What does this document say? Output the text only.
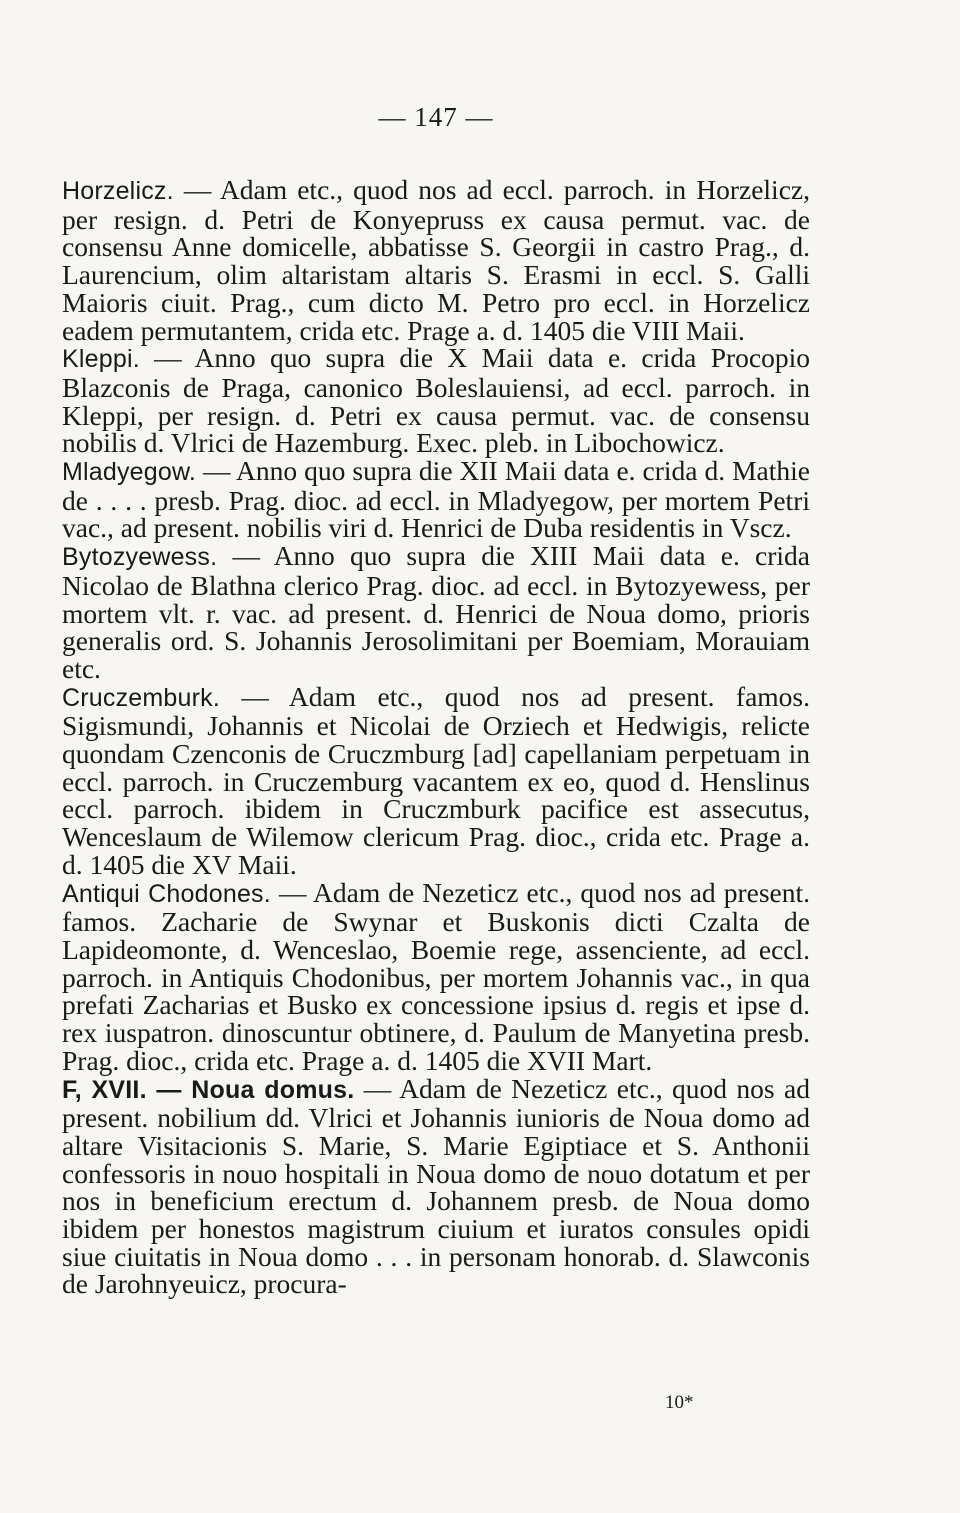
— 147 —

Horzelicz. — Adam etc., quod nos ad eccl. parroch. in Horzelicz, per resign. d. Petri de Konyepruss ex causa permut. vac. de consensu Anne domicelle, abbatisse S. Georgii in castro Prag., d. Laurencium, olim altaristam altaris S. Erasmi in eccl. S. Galli Maioris ciuit. Prag., cum dicto M. Petro pro eccl. in Horzelicz eadem permutantem, crida etc. Prage a. d. 1405 die VIII Maii.

Kleppi. — Anno quo supra die X Maii data e. crida Procopio Blazconis de Praga, canonico Boleslauiensi, ad eccl. parroch. in Kleppi, per resign. d. Petri ex causa permut. vac. de consensu nobilis d. Vlrici de Hazemburg. Exec. pleb. in Libochowicz.

Mladyegow. — Anno quo supra die XII Maii data e. crida d. Mathie de . . . . presb. Prag. dioc. ad eccl. in Mladyegow, per mortem Petri vac., ad present. nobilis viri d. Henrici de Duba residentis in Vscz.

Bytozyewess. — Anno quo supra die XIII Maii data e. crida Nicolao de Blathna clerico Prag. dioc. ad eccl. in Bytozyewess, per mortem vlt. r. vac. ad present. d. Henrici de Noua domo, prioris generalis ord. S. Johannis Jerosolimitani per Boemiam, Morauiam etc.

Cruczemburk. — Adam etc., quod nos ad present. famos. Sigismundi, Johannis et Nicolai de Orziech et Hedwigis, relicte quondam Czenconis de Cruczmburg [ad] capellaniam perpetuam in eccl. parroch. in Cruczemburg vacantem ex eo, quod d. Henslinus eccl. parroch. ibidem in Cruczmburk pacifice est assecutus, Wenceslaum de Wilemow clericum Prag. dioc., crida etc. Prage a. d. 1405 die XV Maii.

Antiqui Chodones. — Adam de Nezeticz etc., quod nos ad present. famos. Zacharie de Swynar et Buskonis dicti Czalta de Lapideomonte, d. Wenceslao, Boemie rege, assenciente, ad eccl. parroch. in Antiquis Chodonibus, per mortem Johannis vac., in qua prefati Zacharias et Busko ex concessione ipsius d. regis et ipse d. rex iuspatron. dinoscuntur obtinere, d. Paulum de Manyetina presb. Prag. dioc., crida etc. Prage a. d. 1405 die XVII Mart.

F, XVII. — Noua domus. — Adam de Nezeticz etc., quod nos ad present. nobilium dd. Vlrici et Johannis iunioris de Noua domo ad altare Visitacionis S. Marie, S. Marie Egiptiace et S. Anthonii confessoris in nouo hospitali in Noua domo de nouo dotatum et per nos in beneficium erectum d. Johannem presb. de Noua domo ibidem per honestos magistrum ciuium et iuratos consules opidi siue ciuitatis in Noua domo . . . in personam honorab. d. Slawconis de Jarohnyeuicz, procura-

10*
